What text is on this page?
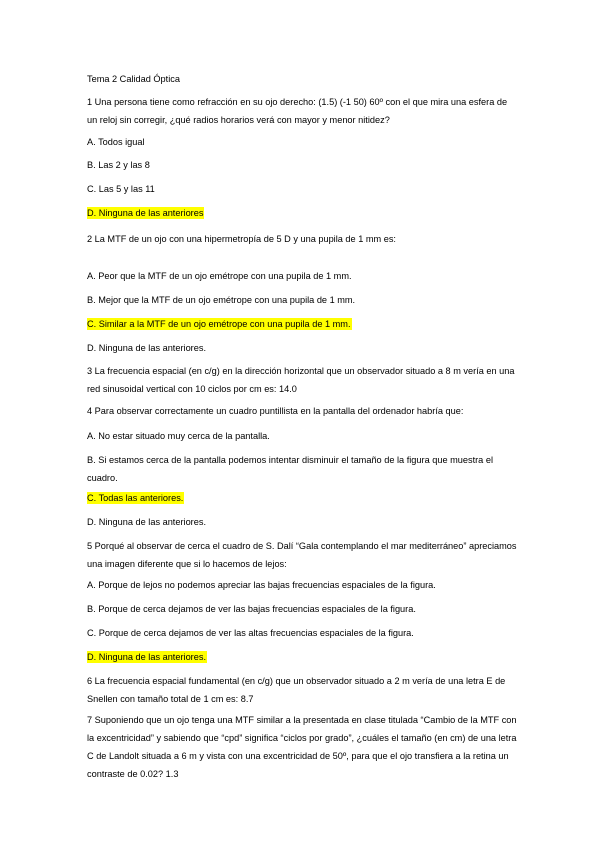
Tema 2 Calidad Óptica
1 Una persona tiene como refracción en su ojo derecho: (1.5) (-1 50) 60º con el que mira una esfera de un reloj sin corregir, ¿qué radios horarios verá con mayor y menor nitidez?
A. Todos igual
B. Las 2 y las 8
C. Las 5 y las 11
D. Ninguna de las anteriores
2 La MTF de un ojo con una hipermetropía de 5 D y una pupila de 1 mm es:
A. Peor que la MTF de un ojo emétrope con una pupila de 1 mm.
B. Mejor que la MTF de un ojo emétrope con una pupila de 1 mm.
C. Similar a la MTF de un ojo emétrope con una pupila de 1 mm.
D. Ninguna de las anteriores.
3 La frecuencia espacial (en c/g) en la dirección horizontal que un observador situado a 8 m vería en una red sinusoidal vertical con 10 ciclos por cm es: 14.0
4 Para observar correctamente un cuadro puntillista en la pantalla del ordenador habría que:
A. No estar situado muy cerca de la pantalla.
B. Si estamos cerca de la pantalla podemos intentar disminuir el tamaño de la figura que muestra el cuadro.
C. Todas las anteriores.
D. Ninguna de las anteriores.
5 Porqué al observar de cerca el cuadro de S. Dalí “Gala contemplando el mar mediterráneo” apreciamos una imagen diferente que si lo hacemos de lejos:
A. Porque de lejos no podemos apreciar las bajas frecuencias espaciales de la figura.
B. Porque de cerca dejamos de ver las bajas frecuencias espaciales de la figura.
C. Porque de cerca dejamos de ver las altas frecuencias espaciales de la figura.
D. Ninguna de las anteriores.
6 La frecuencia espacial fundamental (en c/g) que un observador situado a 2 m vería de una letra E de Snellen con tamaño total de 1 cm es: 8.7
7 Suponiendo que un ojo tenga una MTF similar a la presentada en clase titulada “Cambio de la MTF con la excentricidad” y sabiendo que “cpd” significa “ciclos por grado”, ¿cuáles el tamaño (en cm) de una letra C de Landolt situada a 6 m y vista con una excentricidad de 50º, para que el ojo transfiera a la retina un contraste de 0.02? 1.3
